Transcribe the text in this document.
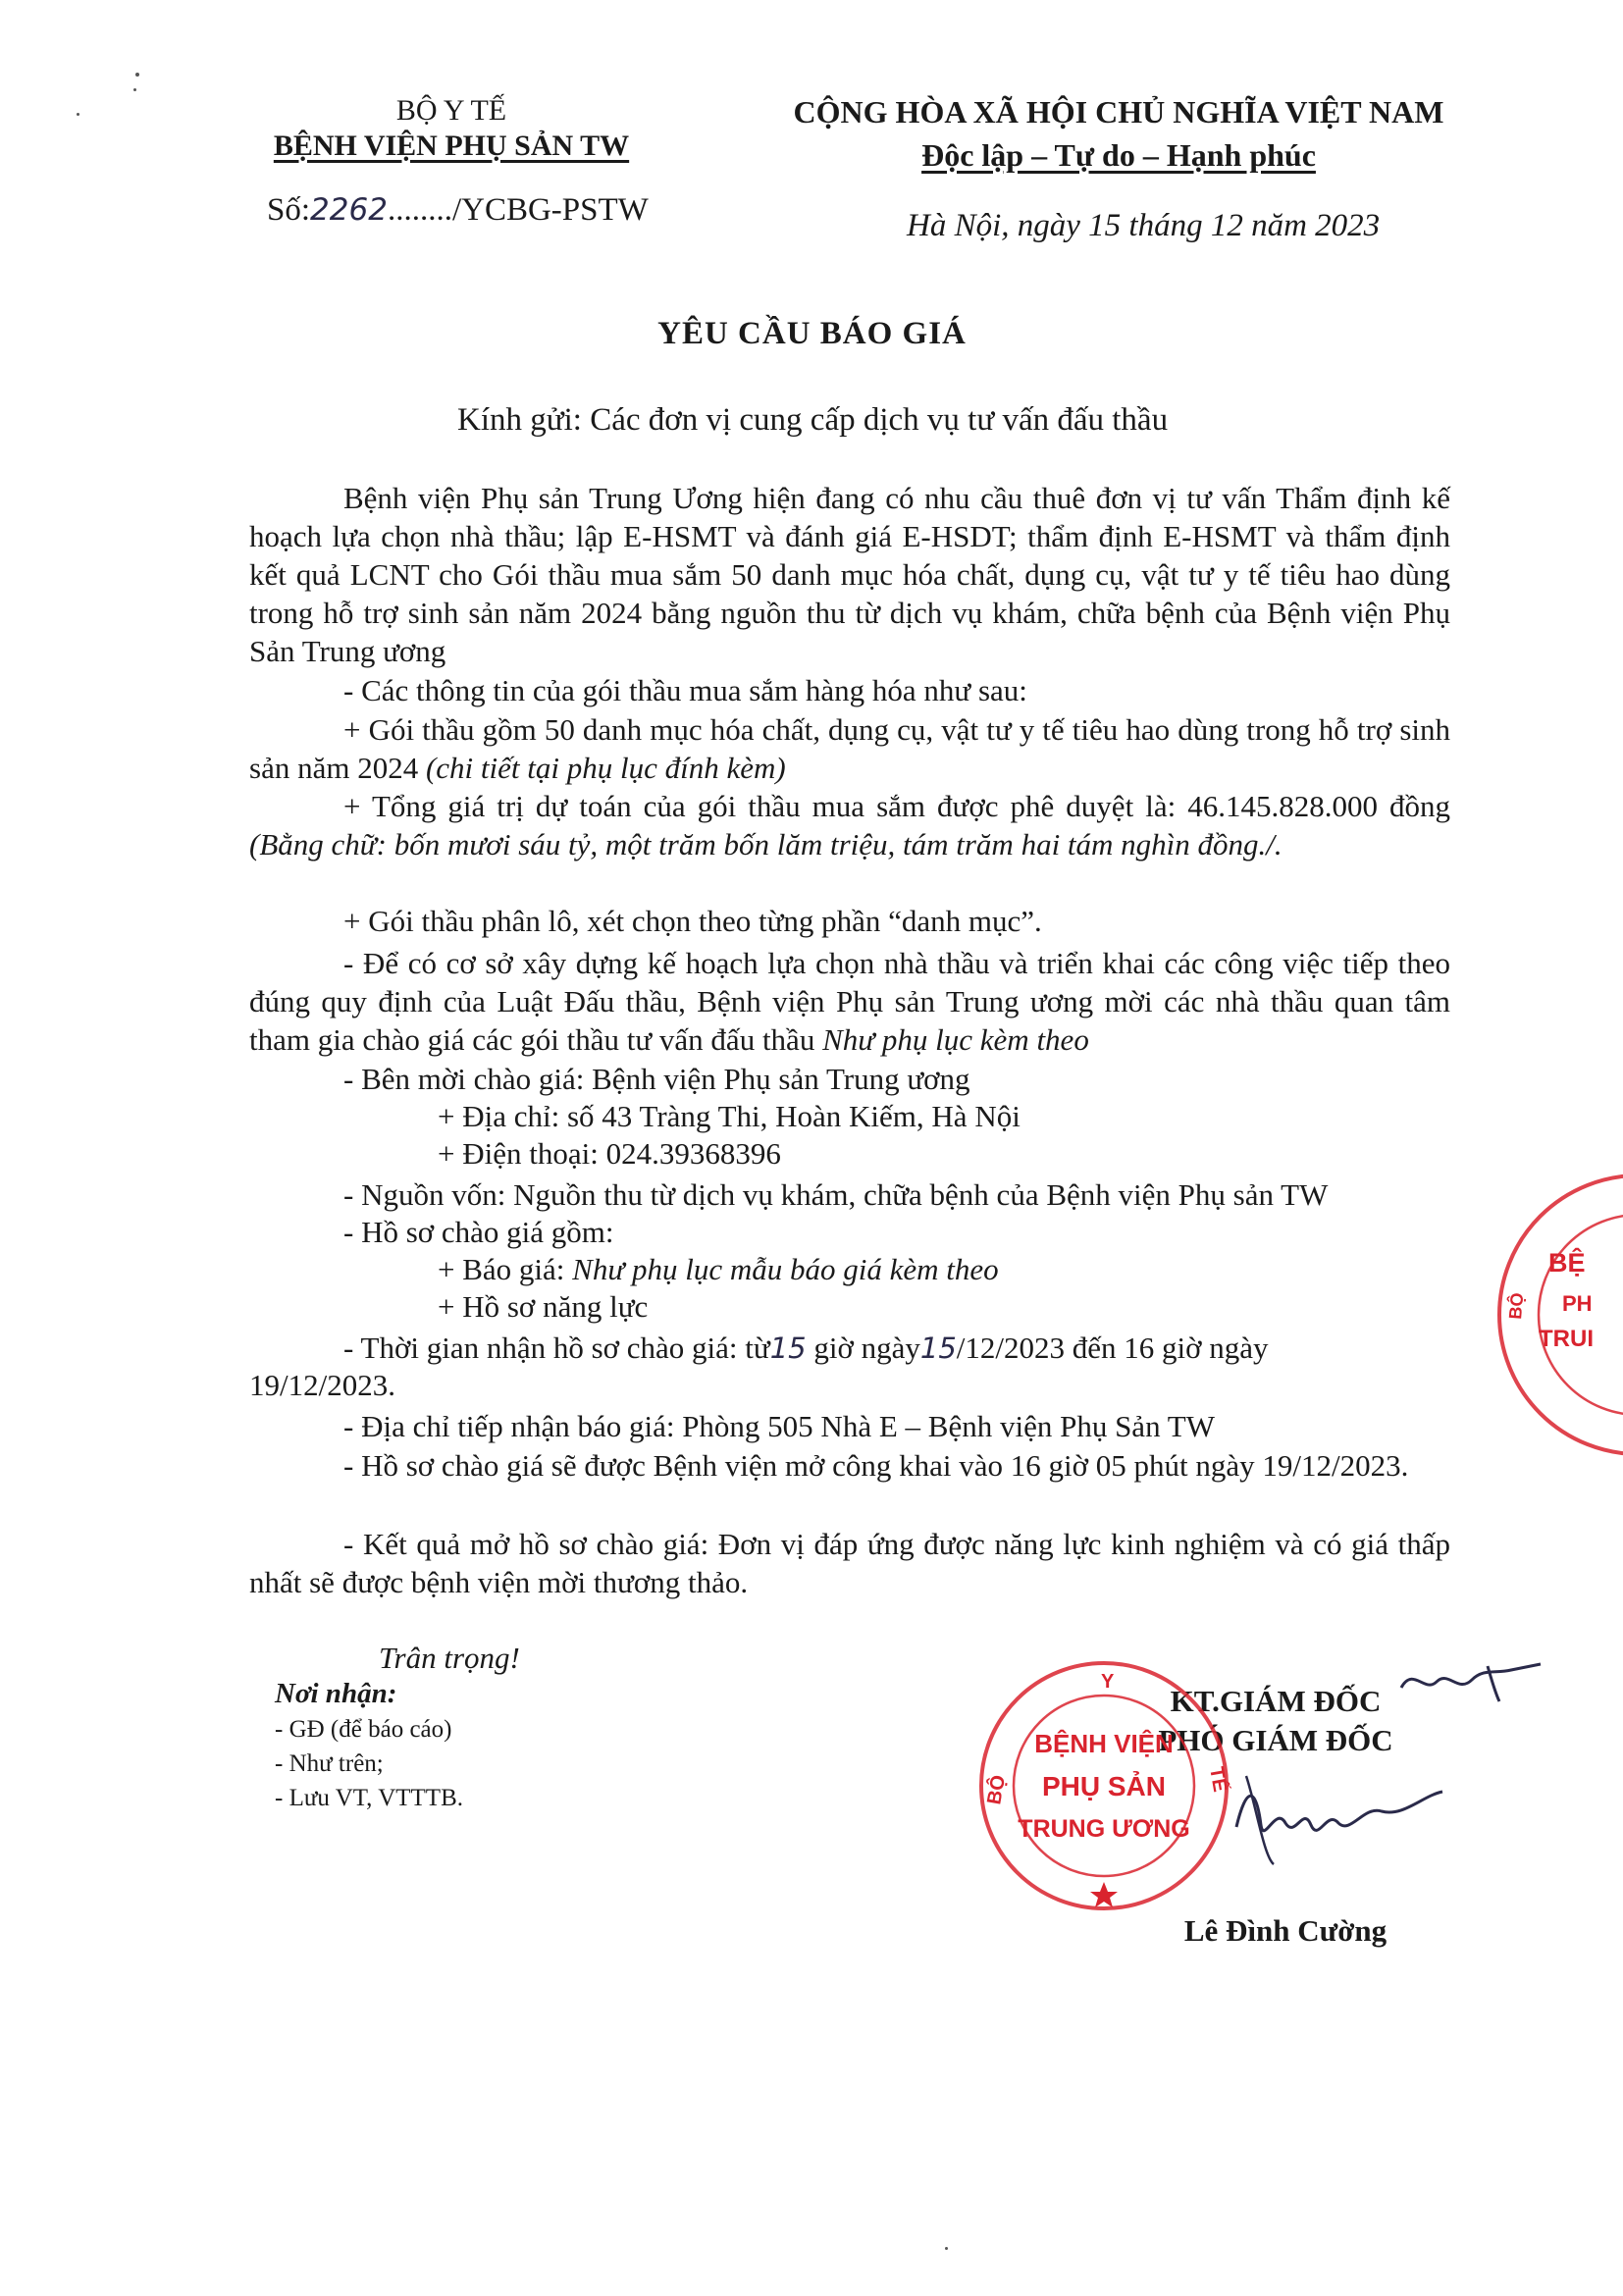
BỘ Y TẾ
BỆNH VIỆN PHỤ SẢN TW
Số:2262......../YCBG-PSTW
CỘNG HÒA XÃ HỘI CHỦ NGHĨA VIỆT NAM
Độc lập – Tự do – Hạnh phúc
Hà Nội, ngày 15 tháng 12 năm 2023
YÊU CẦU BÁO GIÁ
Kính gửi: Các đơn vị cung cấp dịch vụ tư vấn đấu thầu
Bệnh viện Phụ sản Trung Ương hiện đang có nhu cầu thuê đơn vị tư vấn Thẩm định kế hoạch lựa chọn nhà thầu; lập E-HSMT và đánh giá E-HSDT; thẩm định E-HSMT và thẩm định kết quả LCNT cho Gói thầu mua sắm 50 danh mục hóa chất, dụng cụ, vật tư y tế tiêu hao dùng trong hỗ trợ sinh sản năm 2024 bằng nguồn thu từ dịch vụ khám, chữa bệnh của Bệnh viện Phụ Sản Trung ương
- Các thông tin của gói thầu mua sắm hàng hóa như sau:
+ Gói thầu gồm 50 danh mục hóa chất, dụng cụ, vật tư y tế tiêu hao dùng trong hỗ trợ sinh sản năm 2024 (chi tiết tại phụ lục đính kèm)
+ Tổng giá trị dự toán của gói thầu mua sắm được phê duyệt là: 46.145.828.000 đồng (Bằng chữ: bốn mươi sáu tỷ, một trăm bốn lăm triệu, tám trăm hai tám nghìn đồng./.
+ Gói thầu phân lô, xét chọn theo từng phần “danh mục”.
- Để có cơ sở xây dựng kế hoạch lựa chọn nhà thầu và triển khai các công việc tiếp theo đúng quy định của Luật Đấu thầu, Bệnh viện Phụ sản Trung ương mời các nhà thầu quan tâm tham gia chào giá các gói thầu tư vấn đấu thầu Như phụ lục kèm theo
- Bên mời chào giá: Bệnh viện Phụ sản Trung ương
+ Địa chỉ: số 43 Tràng Thi, Hoàn Kiếm, Hà Nội
+ Điện thoại: 024.39368396
- Nguồn vốn: Nguồn thu từ dịch vụ khám, chữa bệnh của Bệnh viện Phụ sản TW
- Hồ sơ chào giá gồm:
+ Báo giá: Như phụ lục mẫu báo giá kèm theo
+ Hồ sơ năng lực
- Thời gian nhận hồ sơ chào giá: từ15 giờ ngày15/12/2023 đến 16 giờ ngày
19/12/2023.
- Địa chỉ tiếp nhận báo giá: Phòng 505 Nhà E – Bệnh viện Phụ Sản TW
- Hồ sơ chào giá sẽ được Bệnh viện mở công khai vào 16 giờ 05 phút ngày 19/12/2023.
- Kết quả mở hồ sơ chào giá: Đơn vị đáp ứng được năng lực kinh nghiệm và có giá thấp nhất sẽ được bệnh viện mời thương thảo.
Trân trọng!
Nơi nhận:
- GĐ (để báo cáo)
- Như trên;
- Lưu VT, VTTTB.
BỆ
PH
TRUI
BỘ
KT.GIÁM ĐỐC
PHÓ GIÁM ĐỐC
Y
BỘ	TẾ
BỆNH VIỆN
PHỤ SẢN
TRUNG ƯƠNG
Lê Đình Cường
